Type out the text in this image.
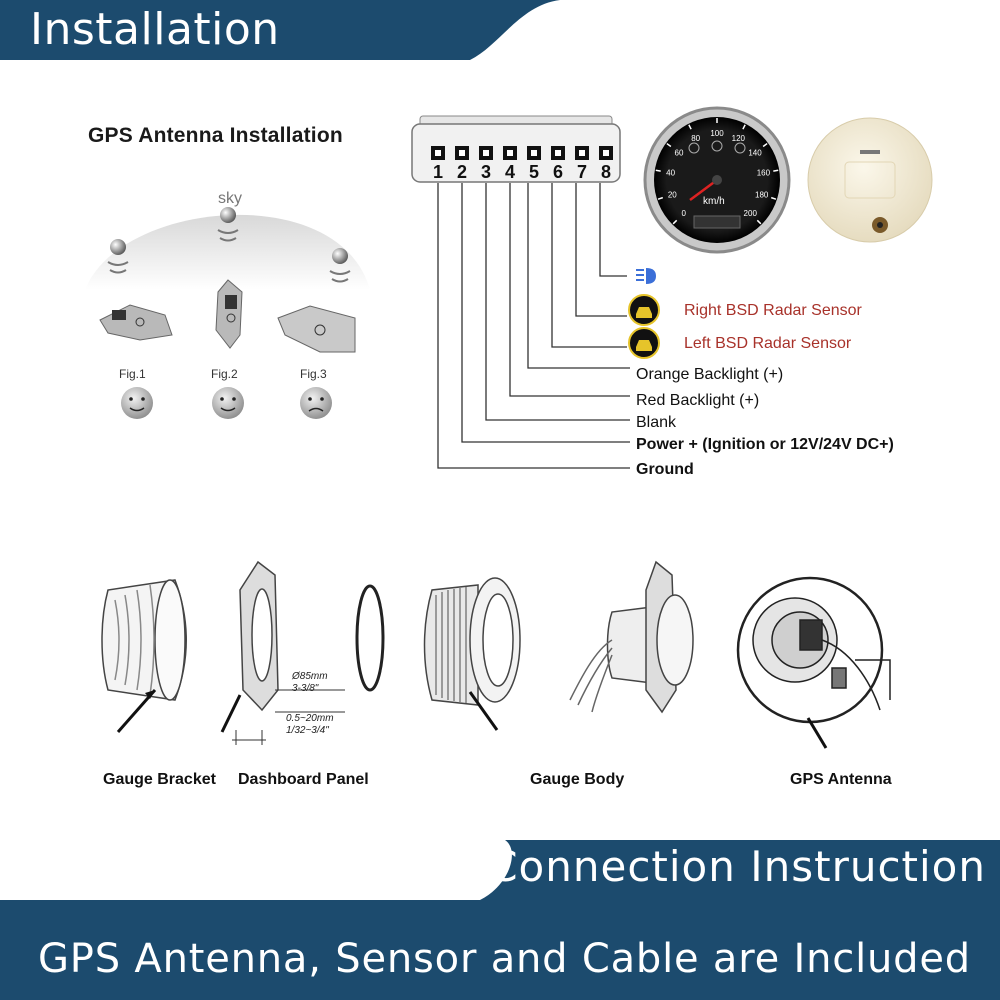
0
20
40
60
80
100
120
140
160
180
200
Installation
Connection Instruction
GPS Antenna, Sensor and Cable are Included
GPS Antenna Installation
sky
Fig.1	Fig.2	Fig.3
1 2 3 4 5 6 7 8
Right BSD Radar Sensor
Left BSD Radar Sensor
Orange Backlight (+)
Red Backlight (+)
Blank
Power + (Ignition or 12V/24V DC+)
Ground
km/h
Ø85mm
3-3/8"
0.5~20mm
1/32~3/4"
Gauge Bracket Dashboard Panel	Gauge Body	GPS Antenna
